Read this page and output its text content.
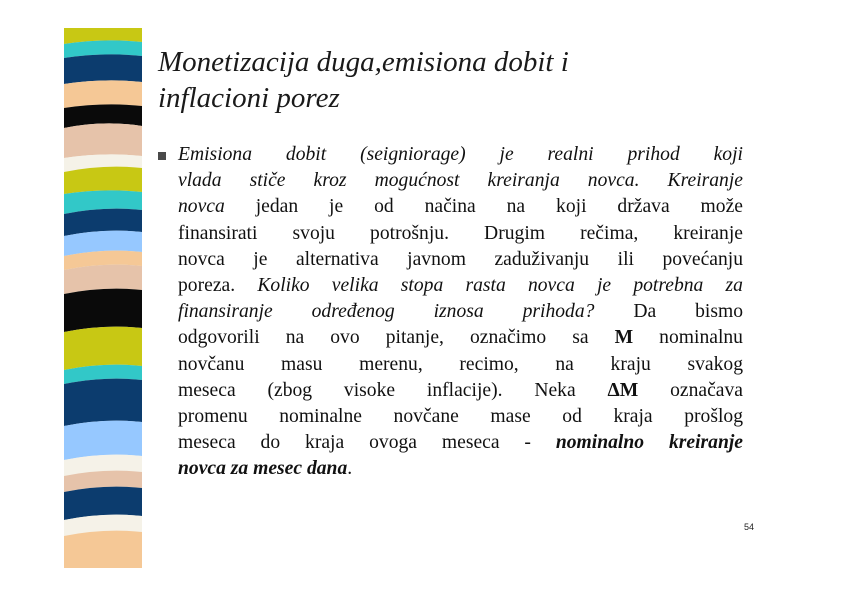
Monetizacija duga,emisiona dobit i
inflacioni porez
Emisiona dobit (seigniorage) je realni prihod koji
vlada stiče kroz mogućnost kreiranja novca. Kreiranje
novca jedan je od načina na koji država može
finansirati svoju potrošnju. Drugim rečima, kreiranje
novca je alternativa javnom zaduživanju ili povećanju
poreza. Koliko velika stopa rasta novca je potrebna za
finansiranje određenog iznosa prihoda? Da bismo
odgovorili na ovo pitanje, označimo sa M nominalnu
novčanu masu merenu, recimo, na kraju svakog
meseca (zbog visoke inflacije). Neka ΔM označava
promenu nominalne novčane mase od kraja prošlog
meseca do kraja ovoga meseca - nominalno kreiranje
novca za mesec dana.
54
